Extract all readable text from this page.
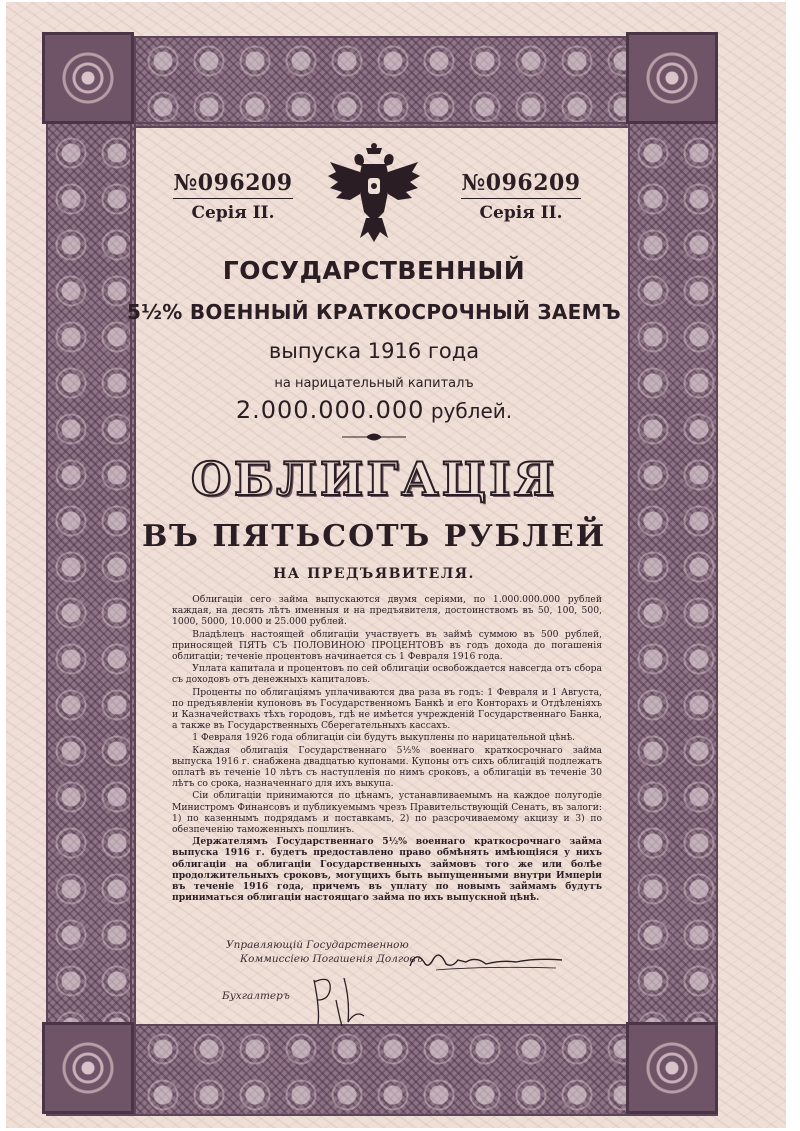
№096209
Серія II.
№096209
Серія II.
ГОСУДАРСТВЕННЫЙ
5½% ВОЕННЫЙ КРАТКОСРОЧНЫЙ ЗАЕМЪ
выпуска 1916 года
на нарицательный капиталъ
2.000.000.000 рублей.
ОБЛИГАЦІЯ
ВЪ ПЯТЬСОТЪ РУБЛЕЙ
НА ПРЕДЪЯВИТЕЛЯ.

Облигаціи сего займа выпускаются двумя серіями, по 1.000.000.000 рублей каждая, на десять лѣтъ именныя и на предъявителя, достоинствомъ въ 50, 100, 500, 1000, 5000, 10.000 и 25.000 рублей.

Владѣлецъ настоящей облигаціи участвуетъ въ займѣ суммою въ 500 рублей, приносящей ПЯТЬ СЪ ПОЛОВИНОЮ ПРОЦЕНТОВЪ въ годъ дохода до погашенія облигаціи; теченіе процентовъ начинается съ 1 Февраля 1916 года.

Уплата капитала и процентовъ по сей облигаціи освобождается навсегда отъ сбора съ доходовъ отъ денежныхъ капиталовъ.

Проценты по облигаціямъ уплачиваются два раза въ годъ: 1 Февраля и 1 Августа, по предъявленіи купоновъ въ Государственномъ Банкѣ и его Конторахъ и Отдѣленіяхъ и Казначействахъ тѣхъ городовъ, гдѣ не имѣется учрежденій Государственнаго Банка, а также въ Государственныхъ Сберегательныхъ кассахъ.

1 Февраля 1926 года облигаціи сіи будутъ выкуплены по нарицательной цѣнѣ.

Каждая облигація Государственнаго 5½% военнаго краткосрочнаго займа выпуска 1916 г. снабжена двадцатью купонами. Купоны отъ сихъ облигацій подлежатъ оплатѣ въ теченіе 10 лѣтъ съ наступленія по нимъ сроковъ, а облигаціи въ теченіе 30 лѣтъ со срока, назначеннаго для ихъ выкупа.

Сіи облигаціи принимаются по цѣнамъ, устанавливаемымъ на каждое полугодіе Министромъ Финансовъ и публикуемымъ чрезъ Правительствующій Сенатъ, въ залоги: 1) по казеннымъ подрядамъ и поставкамъ, 2) по разсрочиваемому акцизу и 3) по обезпеченію таможенныхъ пошлинъ.

Держателямъ Государственнаго 5½% военнаго краткосрочнаго займа выпуска 1916 г. будетъ предоставлено право обмѣнять имѣющіяся у нихъ облигаціи на облигаціи Государственныхъ займовъ того же или болѣе продолжительныхъ сроковъ, могущихъ быть выпущенными внутри Имперіи въ теченіе 1916 года, причемъ въ уплату по новымъ займамъ будутъ приниматься облигаціи настоящаго займа по ихъ выпускной цѣнѣ.

Управляющій Государственною
Коммиссіею Погашенія Долговъ
Бухгалтеръ
